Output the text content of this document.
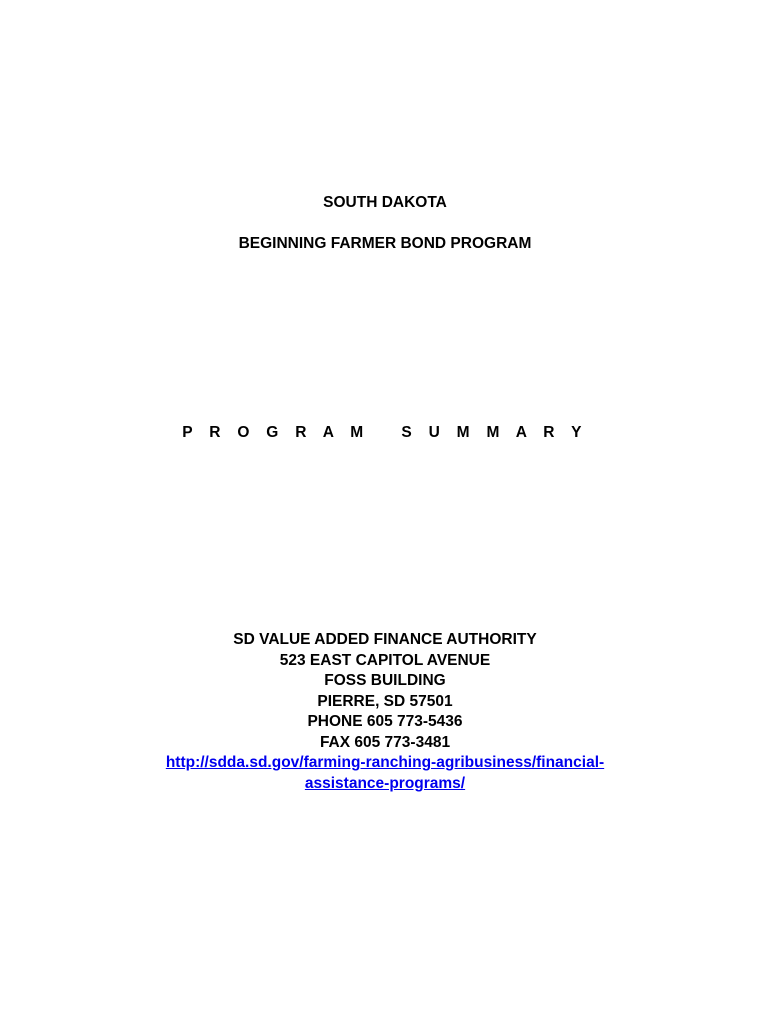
SOUTH DAKOTA
BEGINNING FARMER BOND PROGRAM
P R O G R A M   S U M M A R Y
SD VALUE ADDED FINANCE AUTHORITY
523 EAST CAPITOL AVENUE
FOSS BUILDING
PIERRE, SD 57501
PHONE 605 773-5436
FAX 605 773-3481
http://sdda.sd.gov/farming-ranching-agribusiness/financial-
assistance-programs/
